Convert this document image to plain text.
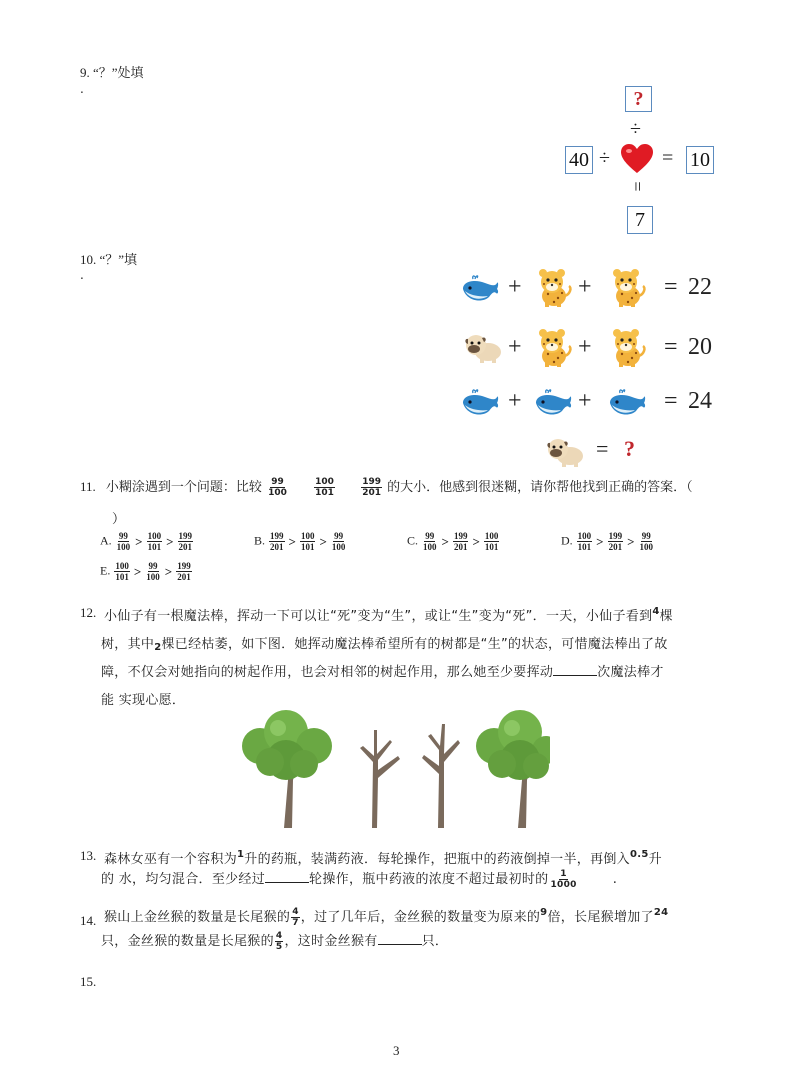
9. “？”处填
.	?
÷
40 ÷	= 10
=
7
10. “？”填
.	+ +	= 22
+ +	= 20
+ +	= 24
= ?
11. 小糊涂遇到一个问题：比较 $\frac{99}{100}$
	$\frac{100}{101}$
	$\frac{199}{201}$ 的大小．他感到很迷糊，请你帮他找到正确的答案．（
）
A. $\frac{99}{100} > \frac{100}{101} > \frac{199}{201}$	B. $\frac{199}{201} > \frac{100}{101} > \frac{99}{100}$	C. $\frac{99}{100} > \frac{199}{201} > \frac{100}{101}$	D. $\frac{100}{101} > \frac{199}{201} > \frac{99}{100}$
E. $\frac{100}{101} > \frac{99}{100} > \frac{199}{201}$
12. 小仙子有一根魔法棒，挥动一下可以让“死”变为“生”，或让“生”变为“死”．一天，小仙子看到$^4$棵
树，其中$_2$棵已经枯萎，如下图．她挥动魔法棒希望所有的树都是“生”的状态，可惜魔法棒出了故
障，不仅会对她指向的树起作用，也会对相邻的树起作用，那么她至少要挥动	次魔法棒才
能 实现心愿．
13. 森林女巫有一个容积为$^1$升的药瓶，装满药液．每轮操作，把瓶中的药液倒掉一半，再倒入$^{0.5}$升
的 水，均匀混合．至少经过	轮操作，瓶中药液的浓度不超过最初时的 $\frac{1}{1000}$	.
14. 猴山上金丝猴的数量是长尾猴的 $\frac{4}{7}$ ，过了几年后，金丝猴的数量变为原来的$^9$倍，长尾猴增加了$^{24}$
只，金丝猴的数量是长尾猴的 $\frac{4}{5}$ ，这时金丝猴有	只．
15.
3
